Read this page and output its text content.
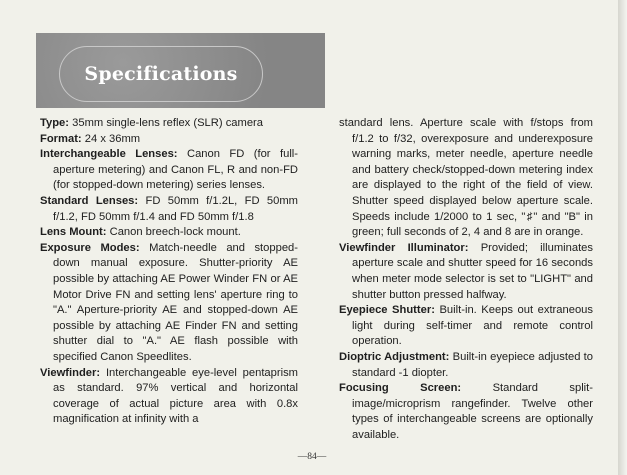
Specifications
Type: 35mm single-lens reflex (SLR) camera
Format: 24 x 36mm
Interchangeable Lenses: Canon FD (for full-aperture metering) and Canon FL, R and non-FD (for stopped-down metering) series lenses.
Standard Lenses: FD 50mm f/1.2L, FD 50mm f/1.2, FD 50mm f/1.4 and FD 50mm f/1.8
Lens Mount: Canon breech-lock mount.
Exposure Modes: Match-needle and stopped-down manual exposure. Shutter-priority AE possible by attaching AE Power Winder FN or AE Motor Drive FN and setting lens' aperture ring to "A." Aperture-priority AE and stopped-down AE possible by attaching AE Finder FN and setting shutter dial to "A." AE flash possible with specified Canon Speedlites.
Viewfinder: Interchangeable eye-level pentaprism as standard. 97% vertical and horizontal coverage of actual picture area with 0.8x magnification at infinity with a
standard lens. Aperture scale with f/stops from f/1.2 to f/32, overexposure and underexposure warning marks, meter needle, aperture needle and battery check/stopped-down metering index are displayed to the right of the field of view. Shutter speed displayed below aperture scale. Speeds include 1/2000 to 1 sec, "♯" and "B" in green; full seconds of 2, 4 and 8 are in orange.
Viewfinder Illuminator: Provided; illuminates aperture scale and shutter speed for 16 seconds when meter mode selector is set to "LIGHT" and shutter button pressed halfway.
Eyepiece Shutter: Built-in. Keeps out extraneous light during self-timer and remote control operation.
Dioptric Adjustment: Built-in eyepiece adjusted to standard -1 diopter.
Focusing Screen:	Standard split-image/microprism rangefinder. Twelve other types of interchangeable screens are optionally available.
—84—
